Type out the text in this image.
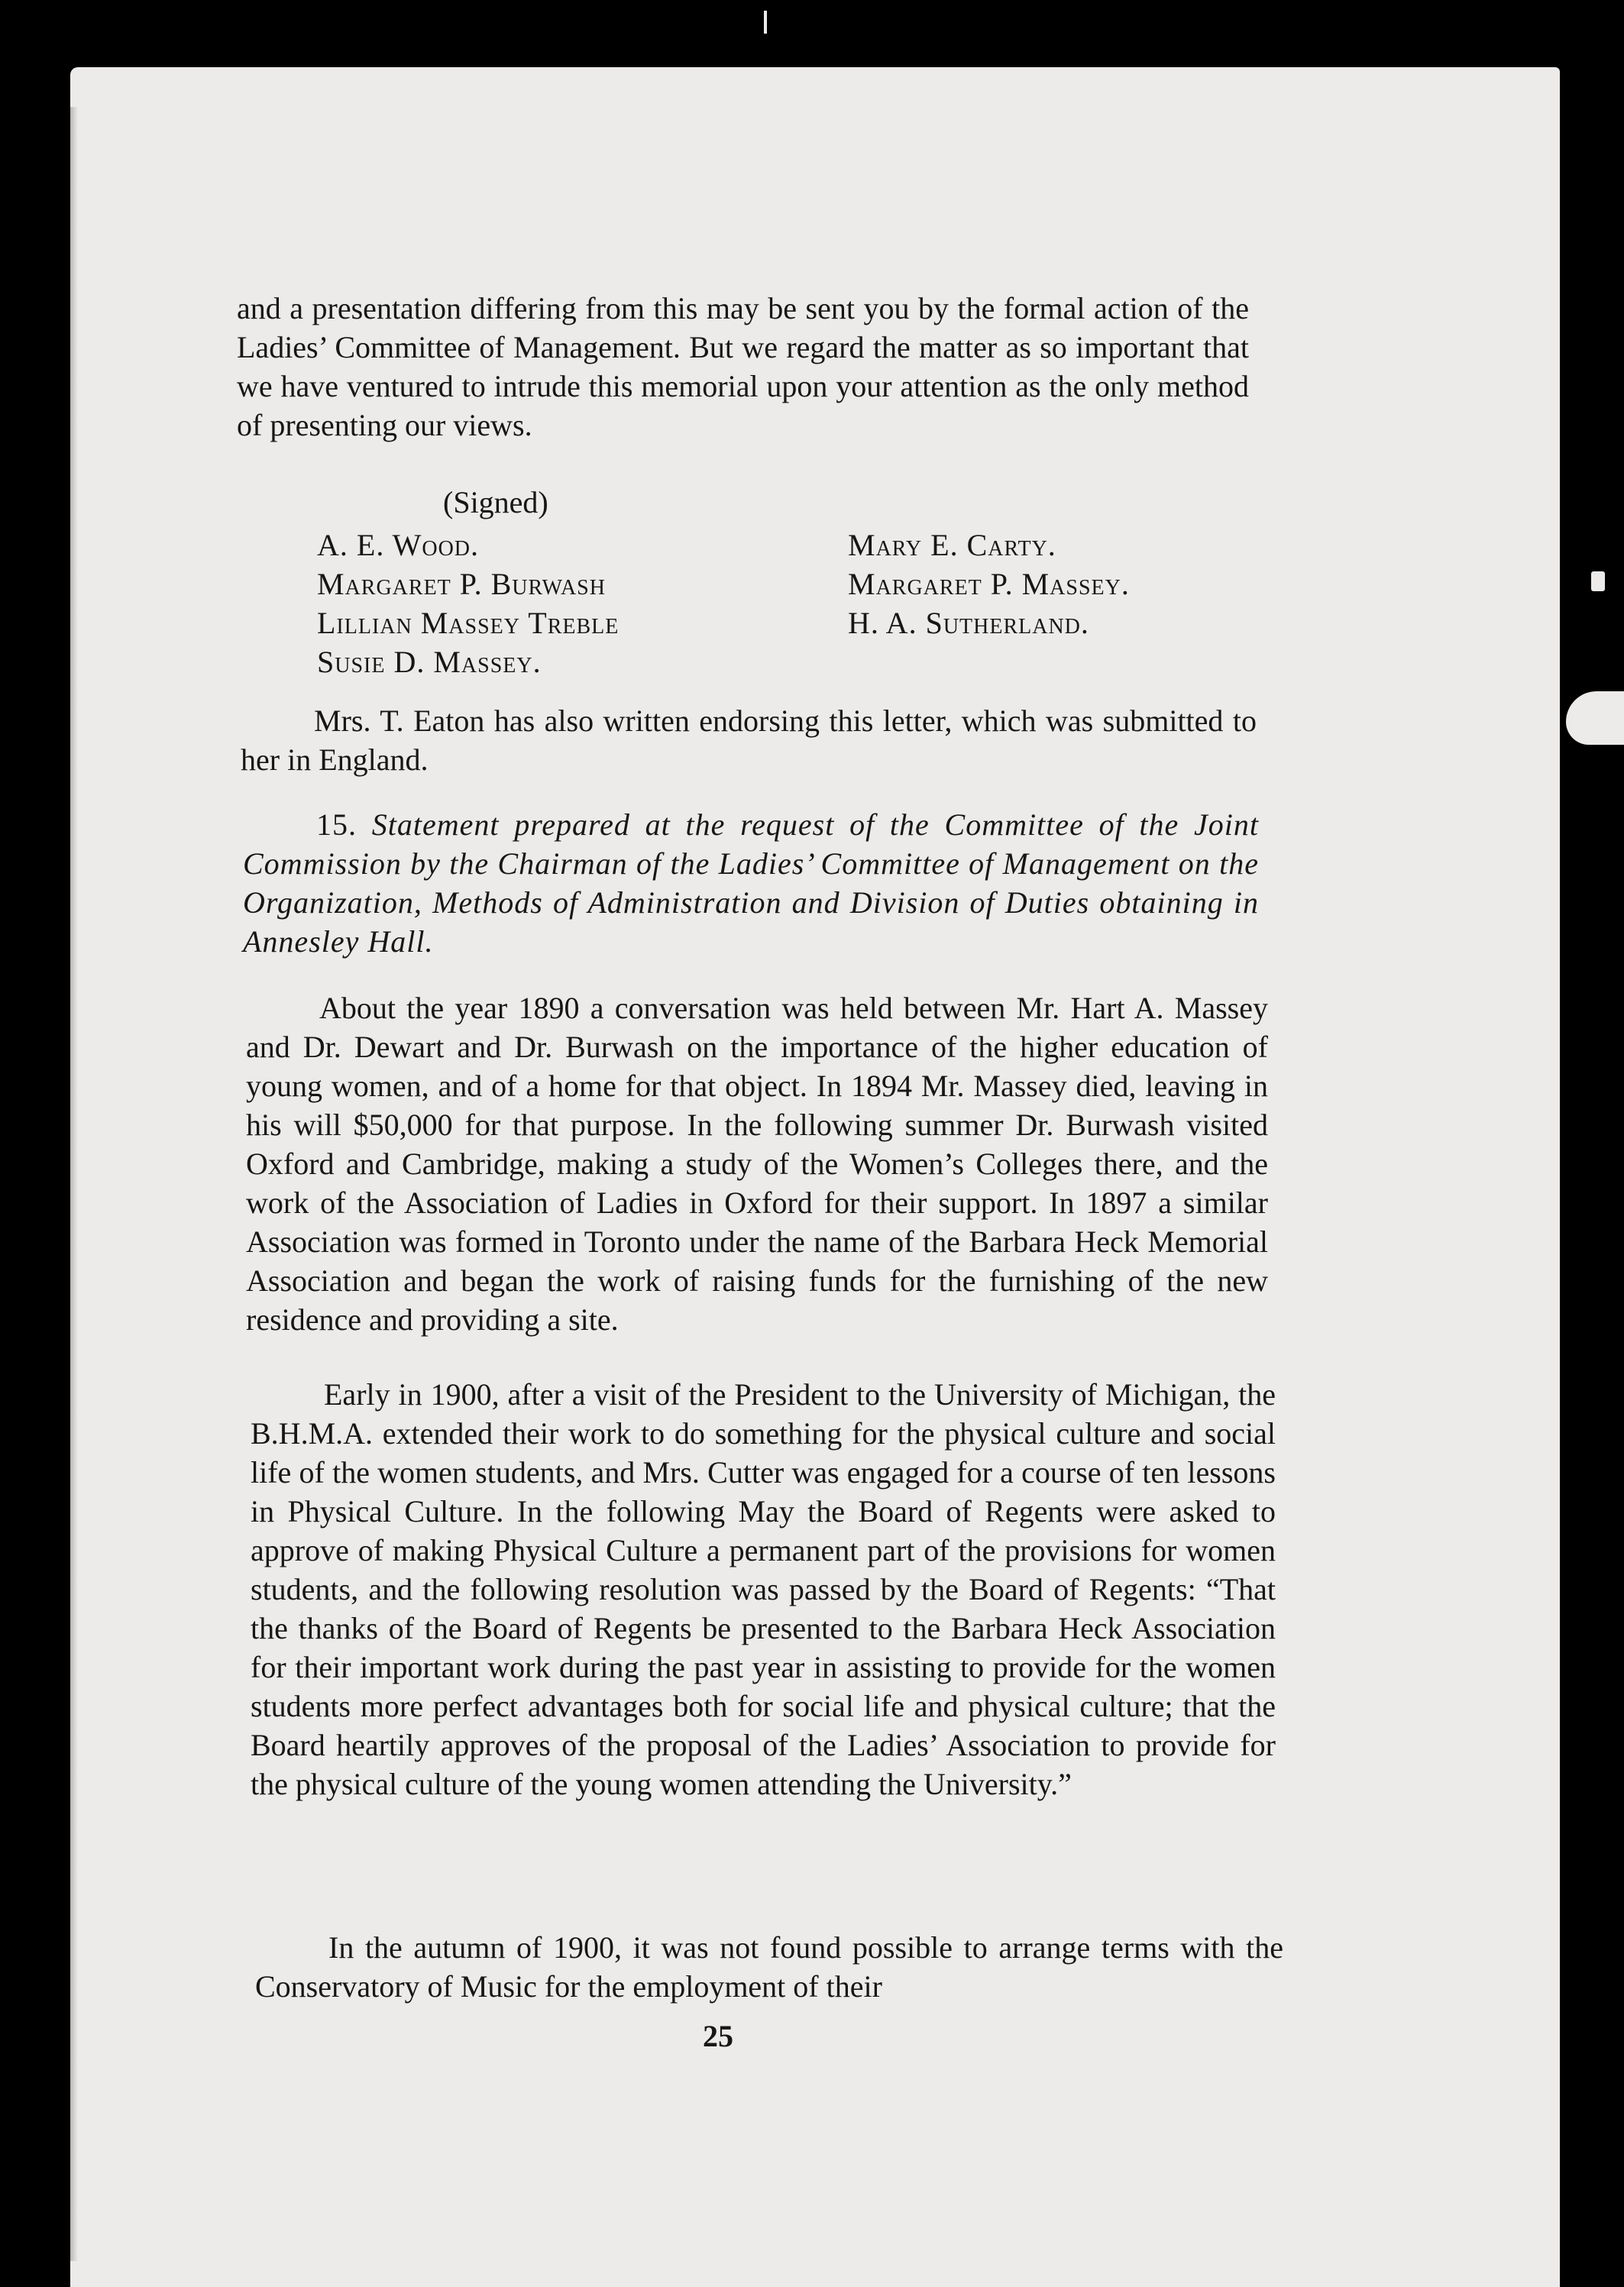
and a presentation differing from this may be sent you by the formal action of the Ladies’ Committee of Management. But we regard the matter as so important that we have ventured to intrude this memorial upon your attention as the only method of presenting our views.

(Signed)

A. E. Wood.
Margaret P. Burwash
Lillian Massey Treble
Susie D. Massey.
Mary E. Carty.
Margaret P. Massey.
H. A. Sutherland.

Mrs. T. Eaton has also written endorsing this letter, which was submitted to her in England.

15. Statement prepared at the request of the Committee of the Joint Commission by the Chairman of the Ladies’ Committee of Management on the Organization, Methods of Administration and Division of Duties obtaining in Annesley Hall.

About the year 1890 a conversation was held between Mr. Hart A. Massey and Dr. Dewart and Dr. Burwash on the importance of the higher education of young women, and of a home for that object. In 1894 Mr. Massey died, leaving in his will $50,000 for that purpose. In the following summer Dr. Burwash visited Oxford and Cambridge, making a study of the Women’s Colleges there, and the work of the Association of Ladies in Oxford for their support. In 1897 a similar Association was formed in Toronto under the name of the Barbara Heck Memorial Association and began the work of raising funds for the furnishing of the new residence and providing a site.

Early in 1900, after a visit of the President to the University of Michigan, the B.H.M.A. extended their work to do something for the physical culture and social life of the women students, and Mrs. Cutter was engaged for a course of ten lessons in Physical Culture. In the following May the Board of Regents were asked to approve of making Physical Culture a permanent part of the provisions for women students, and the following resolution was passed by the Board of Regents: “That the thanks of the Board of Regents be presented to the Barbara Heck Association for their important work during the past year in assisting to provide for the women students more perfect advantages both for social life and physical culture; that the Board heartily approves of the proposal of the Ladies’ Association to provide for the physical culture of the young women attending the University.”

In the autumn of 1900, it was not found possible to arrange terms with the Conservatory of Music for the employment of their

25
